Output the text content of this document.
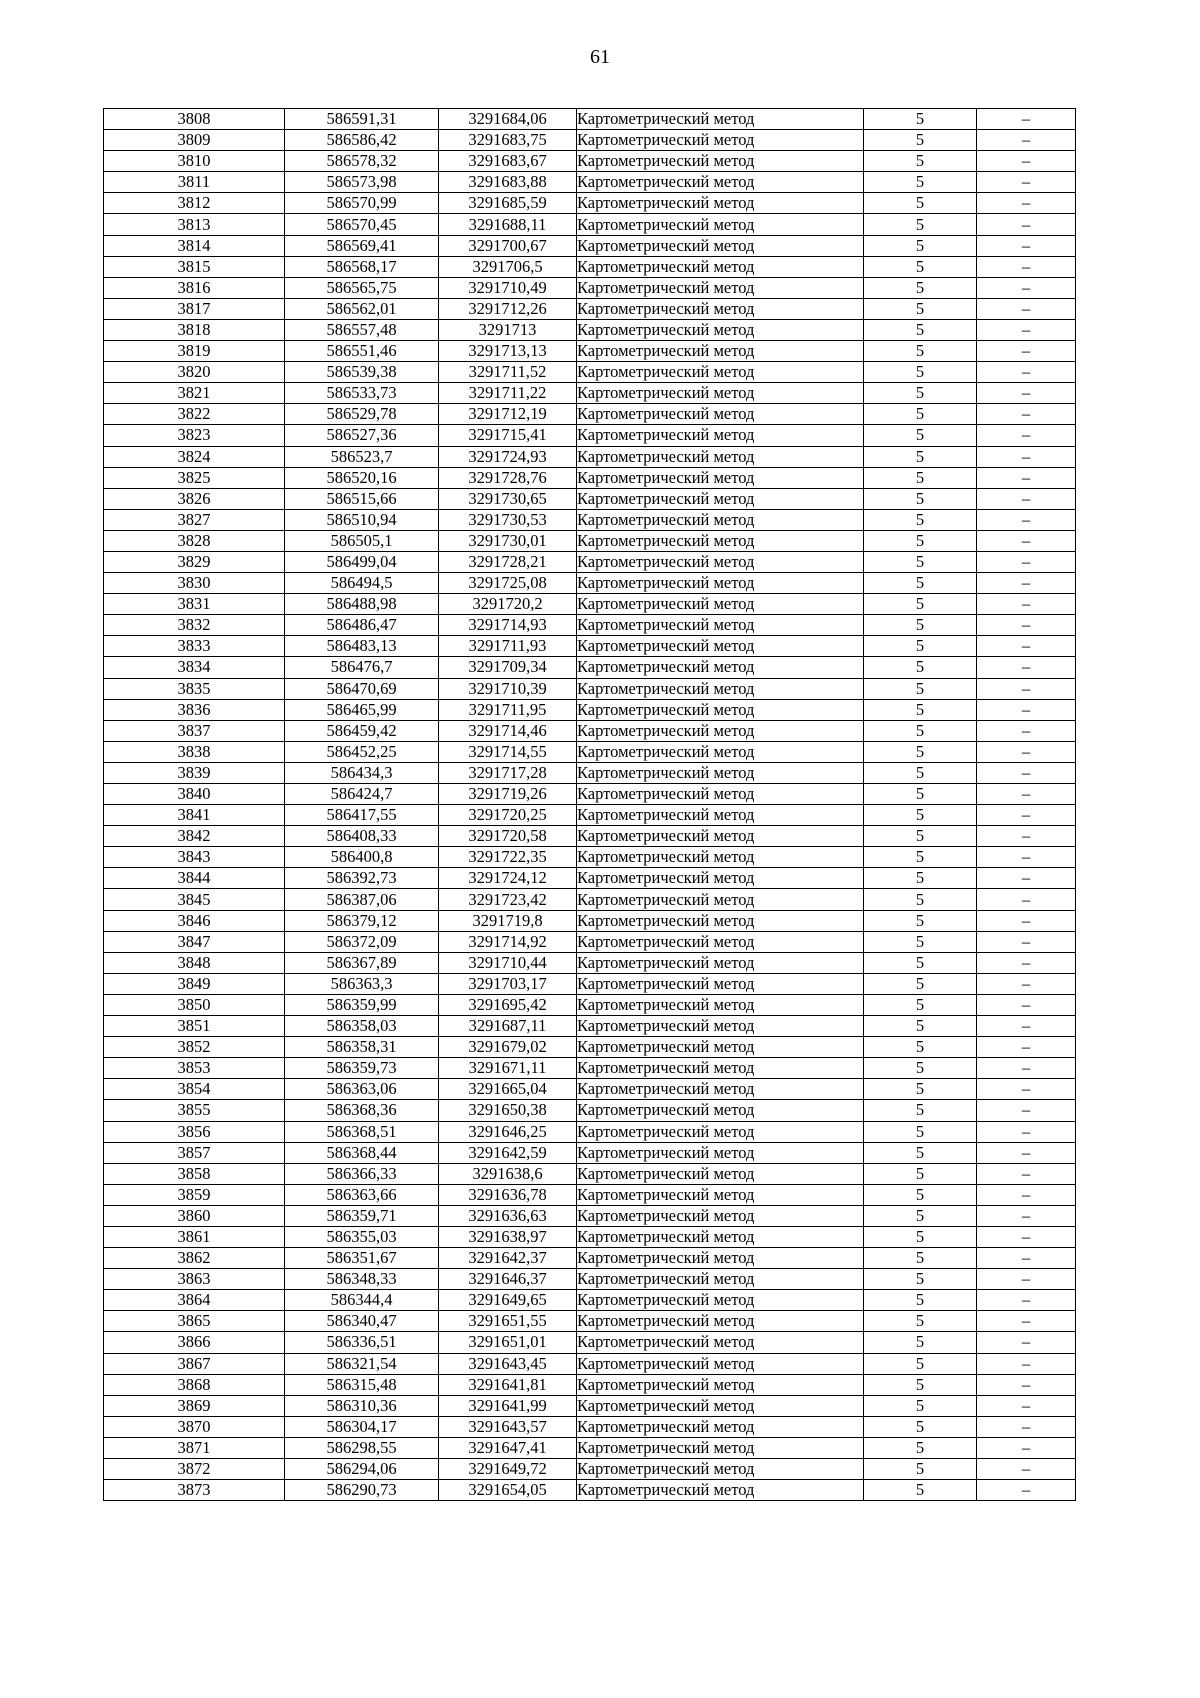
61
3808	586591,31	3291684,06	Картометрический метод	5	–
3809	586586,42	3291683,75	Картометрический метод	5	–
3810	586578,32	3291683,67	Картометрический метод	5	–
3811	586573,98	3291683,88	Картометрический метод	5	–
3812	586570,99	3291685,59	Картометрический метод	5	–
3813	586570,45	3291688,11	Картометрический метод	5	–
3814	586569,41	3291700,67	Картометрический метод	5	–
3815	586568,17	3291706,5	Картометрический метод	5	–
3816	586565,75	3291710,49	Картометрический метод	5	–
3817	586562,01	3291712,26	Картометрический метод	5	–
3818	586557,48	3291713	Картометрический метод	5	–
3819	586551,46	3291713,13	Картометрический метод	5	–
3820	586539,38	3291711,52	Картометрический метод	5	–
3821	586533,73	3291711,22	Картометрический метод	5	–
3822	586529,78	3291712,19	Картометрический метод	5	–
3823	586527,36	3291715,41	Картометрический метод	5	–
3824	586523,7	3291724,93	Картометрический метод	5	–
3825	586520,16	3291728,76	Картометрический метод	5	–
3826	586515,66	3291730,65	Картометрический метод	5	–
3827	586510,94	3291730,53	Картометрический метод	5	–
3828	586505,1	3291730,01	Картометрический метод	5	–
3829	586499,04	3291728,21	Картометрический метод	5	–
3830	586494,5	3291725,08	Картометрический метод	5	–
3831	586488,98	3291720,2	Картометрический метод	5	–
3832	586486,47	3291714,93	Картометрический метод	5	–
3833	586483,13	3291711,93	Картометрический метод	5	–
3834	586476,7	3291709,34	Картометрический метод	5	–
3835	586470,69	3291710,39	Картометрический метод	5	–
3836	586465,99	3291711,95	Картометрический метод	5	–
3837	586459,42	3291714,46	Картометрический метод	5	–
3838	586452,25	3291714,55	Картометрический метод	5	–
3839	586434,3	3291717,28	Картометрический метод	5	–
3840	586424,7	3291719,26	Картометрический метод	5	–
3841	586417,55	3291720,25	Картометрический метод	5	–
3842	586408,33	3291720,58	Картометрический метод	5	–
3843	586400,8	3291722,35	Картометрический метод	5	–
3844	586392,73	3291724,12	Картометрический метод	5	–
3845	586387,06	3291723,42	Картометрический метод	5	–
3846	586379,12	3291719,8	Картометрический метод	5	–
3847	586372,09	3291714,92	Картометрический метод	5	–
3848	586367,89	3291710,44	Картометрический метод	5	–
3849	586363,3	3291703,17	Картометрический метод	5	–
3850	586359,99	3291695,42	Картометрический метод	5	–
3851	586358,03	3291687,11	Картометрический метод	5	–
3852	586358,31	3291679,02	Картометрический метод	5	–
3853	586359,73	3291671,11	Картометрический метод	5	–
3854	586363,06	3291665,04	Картометрический метод	5	–
3855	586368,36	3291650,38	Картометрический метод	5	–
3856	586368,51	3291646,25	Картометрический метод	5	–
3857	586368,44	3291642,59	Картометрический метод	5	–
3858	586366,33	3291638,6	Картометрический метод	5	–
3859	586363,66	3291636,78	Картометрический метод	5	–
3860	586359,71	3291636,63	Картометрический метод	5	–
3861	586355,03	3291638,97	Картометрический метод	5	–
3862	586351,67	3291642,37	Картометрический метод	5	–
3863	586348,33	3291646,37	Картометрический метод	5	–
3864	586344,4	3291649,65	Картометрический метод	5	–
3865	586340,47	3291651,55	Картометрический метод	5	–
3866	586336,51	3291651,01	Картометрический метод	5	–
3867	586321,54	3291643,45	Картометрический метод	5	–
3868	586315,48	3291641,81	Картометрический метод	5	–
3869	586310,36	3291641,99	Картометрический метод	5	–
3870	586304,17	3291643,57	Картометрический метод	5	–
3871	586298,55	3291647,41	Картометрический метод	5	–
3872	586294,06	3291649,72	Картометрический метод	5	–
3873	586290,73	3291654,05	Картометрический метод	5	–
